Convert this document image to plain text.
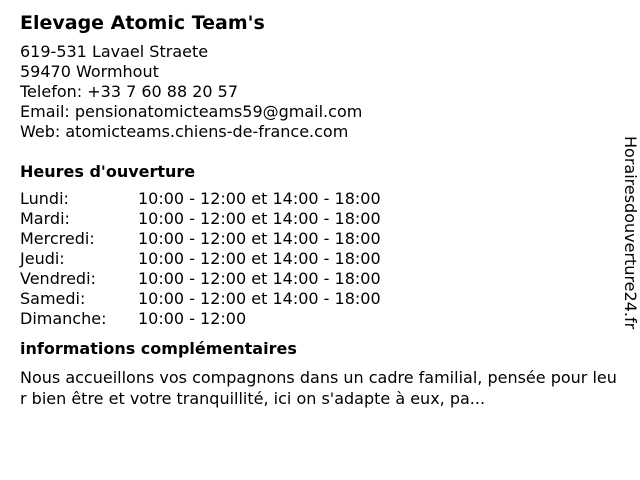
Elevage Atomic Team's
619-531 Lavael Straete
59470 Wormhout
Telefon: +33 7 60 88 20 57
Email: pensionatomicteams59@gmail.com
Web: atomicteams.chiens-de-france.com
Heures d'ouverture
Lundi:	10:00 - 12:00 et 14:00 - 18:00
Mardi:	10:00 - 12:00 et 14:00 - 18:00
Mercredi:	10:00 - 12:00 et 14:00 - 18:00
Jeudi:	10:00 - 12:00 et 14:00 - 18:00
Vendredi:	10:00 - 12:00 et 14:00 - 18:00
Samedi:	10:00 - 12:00 et 14:00 - 18:00
Dimanche:	10:00 - 12:00
informations complémentaires
Nous accueillons vos compagnons dans un cadre familial, pensée pour leur bien être et votre tranquillité, ici on s'adapte à eux, pa...
Horairesdouverture24.fr
